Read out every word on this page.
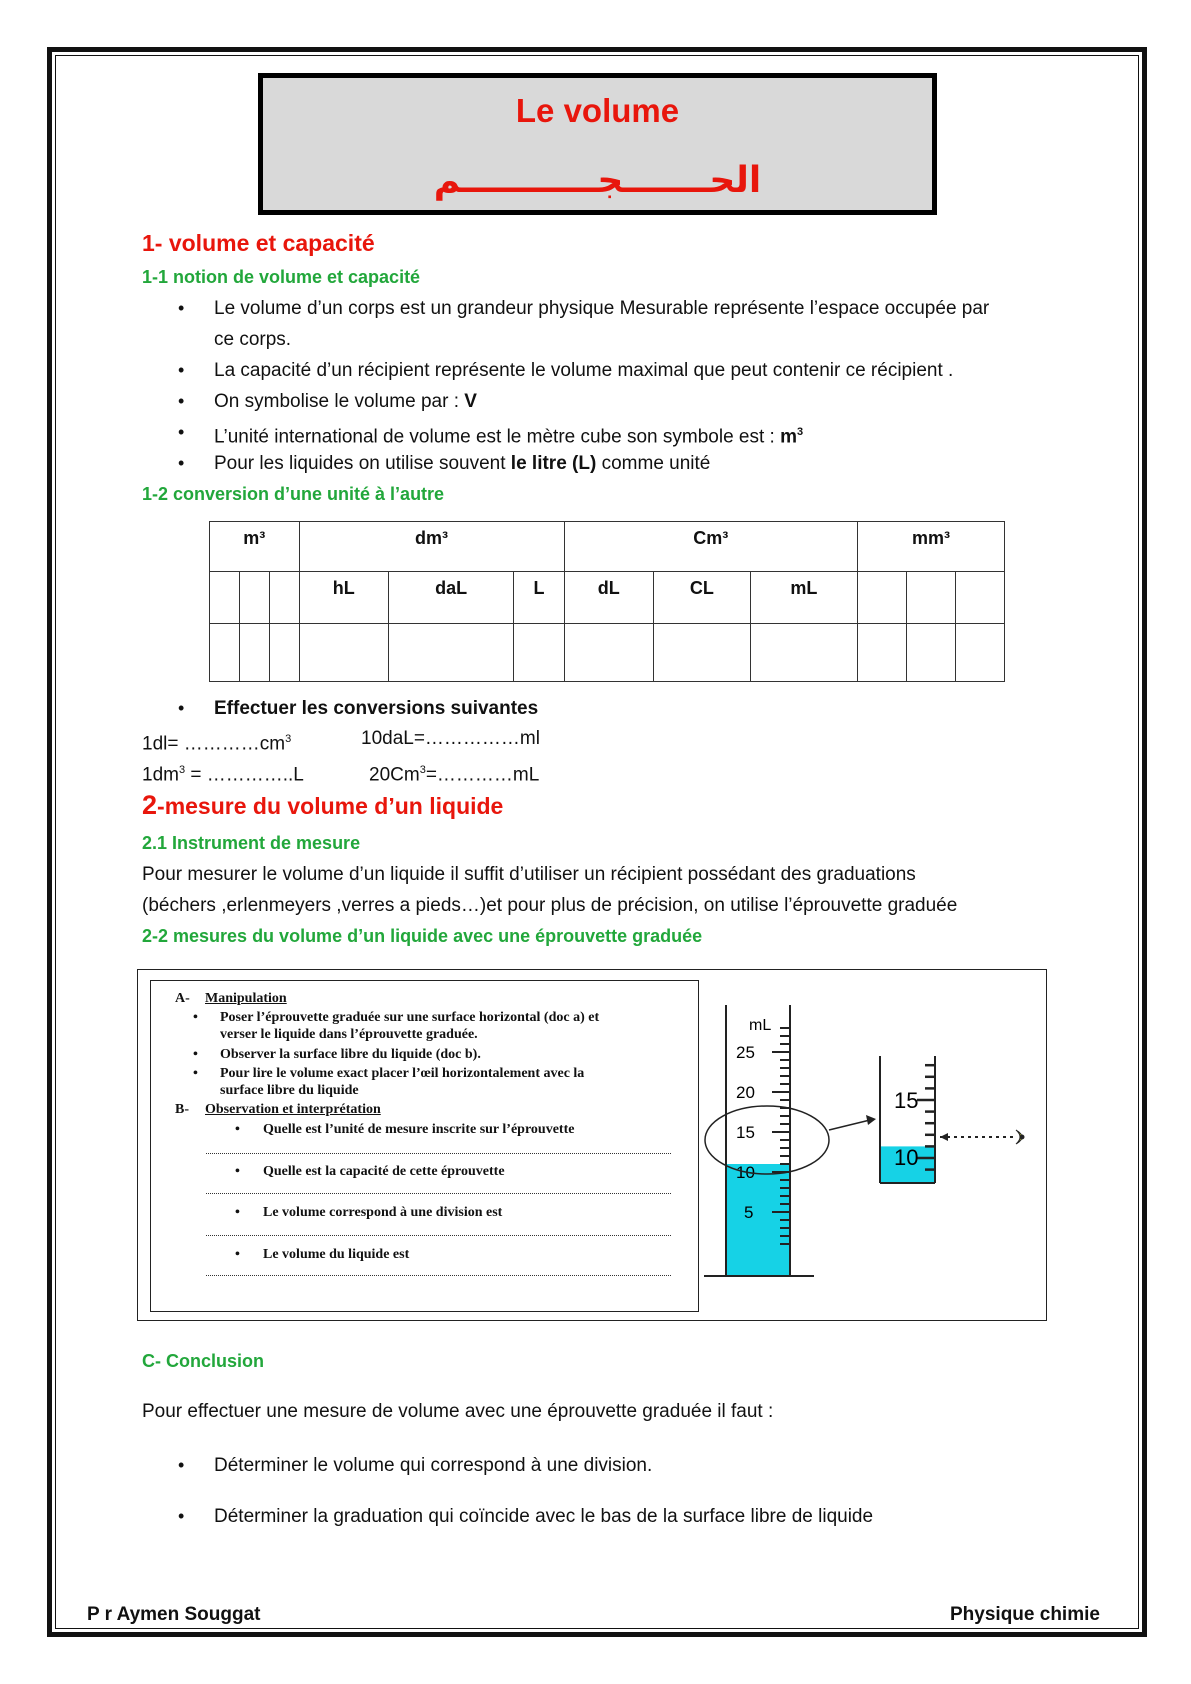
Le volume
الحـــــــجـــــــــــم
1- volume et capacité
1-1 notion de volume et capacité
• Le volume d’un corps est un grandeur physique Mesurable représente l’espace occupée par
ce corps.
• La capacité d’un récipient représente le volume maximal que peut contenir ce récipient .
• On symbolise le volume par : V
• L’unité international de volume est le mètre cube son symbole est : $m^3$
• Pour les liquides on utilise souvent le litre (L) comme unité
1-2 conversion d’une unité à l’autre
m³			dm³			Cm³			mm³		
			hL	daL	L	dL	CL	mL			

• Effectuer les conversions suivantes
$1dl= \dots\dots\dots\dots cm^3$	10daL=……………ml
$1dm^3$ = …………..L	$20Cm^3=\dots\dots\dots\dots mL$
2-mesure du volume d’un liquide
2.1 Instrument de mesure
Pour mesurer le volume d’un liquide il suffit d’utiliser un récipient possédant des graduations
(béchers ,erlenmeyers ,verres a pieds…)et pour plus de précision, on utilise l’éprouvette graduée
2-2 mesures du volume d’un liquide avec une éprouvette graduée
A- Manipulation
• Poser l’éprouvette graduée sur une surface horizontal (doc a) et
verser le liquide dans l’éprouvette graduée.
• Observer la surface libre du liquide (doc b).
• Pour lire le volume exact placer l’œil horizontalement avec la
surface libre du liquide
B- Observation et interprétation
• Quelle est l’unité de mesure inscrite sur l’éprouvette
• Quelle est la capacité de cette éprouvette
• Le volume correspond à une division est
• Le volume du liquide est
mL
25
20
15
10
5
15
10
C- Conclusion
Pour effectuer une mesure de volume avec une éprouvette graduée il faut :
• Déterminer le volume qui correspond à une division.
• Déterminer la graduation qui coïncide avec le bas de la surface libre de liquide
P r Aymen Souggat	Physique chimie
